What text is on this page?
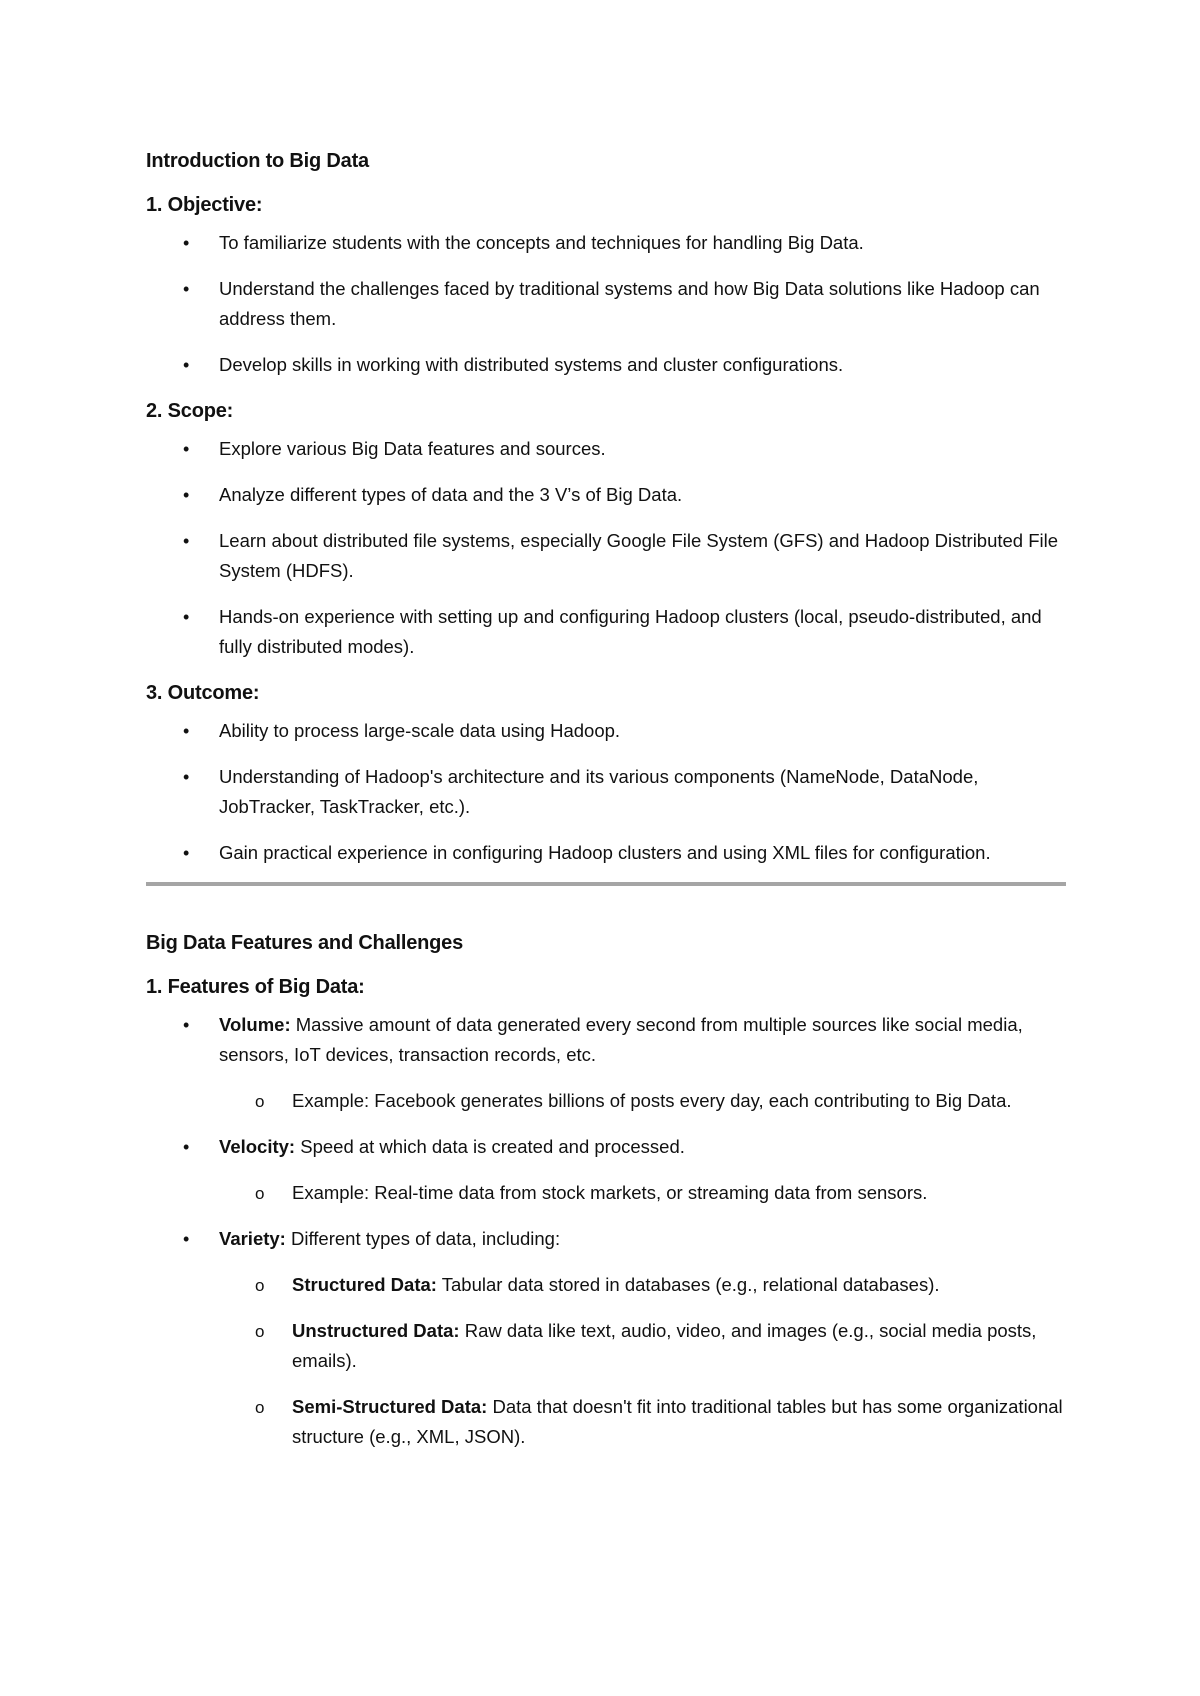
Introduction to Big Data
1. Objective:
• To familiarize students with the concepts and techniques for handling Big Data.
• Understand the challenges faced by traditional systems and how Big Data solutions like Hadoop can address them.
• Develop skills in working with distributed systems and cluster configurations.
2. Scope:
• Explore various Big Data features and sources.
• Analyze different types of data and the 3 V’s of Big Data.
• Learn about distributed file systems, especially Google File System (GFS) and Hadoop Distributed File System (HDFS).
• Hands-on experience with setting up and configuring Hadoop clusters (local, pseudo-distributed, and fully distributed modes).
3. Outcome:
• Ability to process large-scale data using Hadoop.
• Understanding of Hadoop's architecture and its various components (NameNode, DataNode, JobTracker, TaskTracker, etc.).
• Gain practical experience in configuring Hadoop clusters and using XML files for configuration.
Big Data Features and Challenges
1. Features of Big Data:
• Volume: Massive amount of data generated every second from multiple sources like social media, sensors, IoT devices, transaction records, etc.
o Example: Facebook generates billions of posts every day, each contributing to Big Data.
• Velocity: Speed at which data is created and processed.
o Example: Real-time data from stock markets, or streaming data from sensors.
• Variety: Different types of data, including:
o Structured Data: Tabular data stored in databases (e.g., relational databases).
o Unstructured Data: Raw data like text, audio, video, and images (e.g., social media posts, emails).
o Semi-Structured Data: Data that doesn't fit into traditional tables but has some organizational structure (e.g., XML, JSON).
